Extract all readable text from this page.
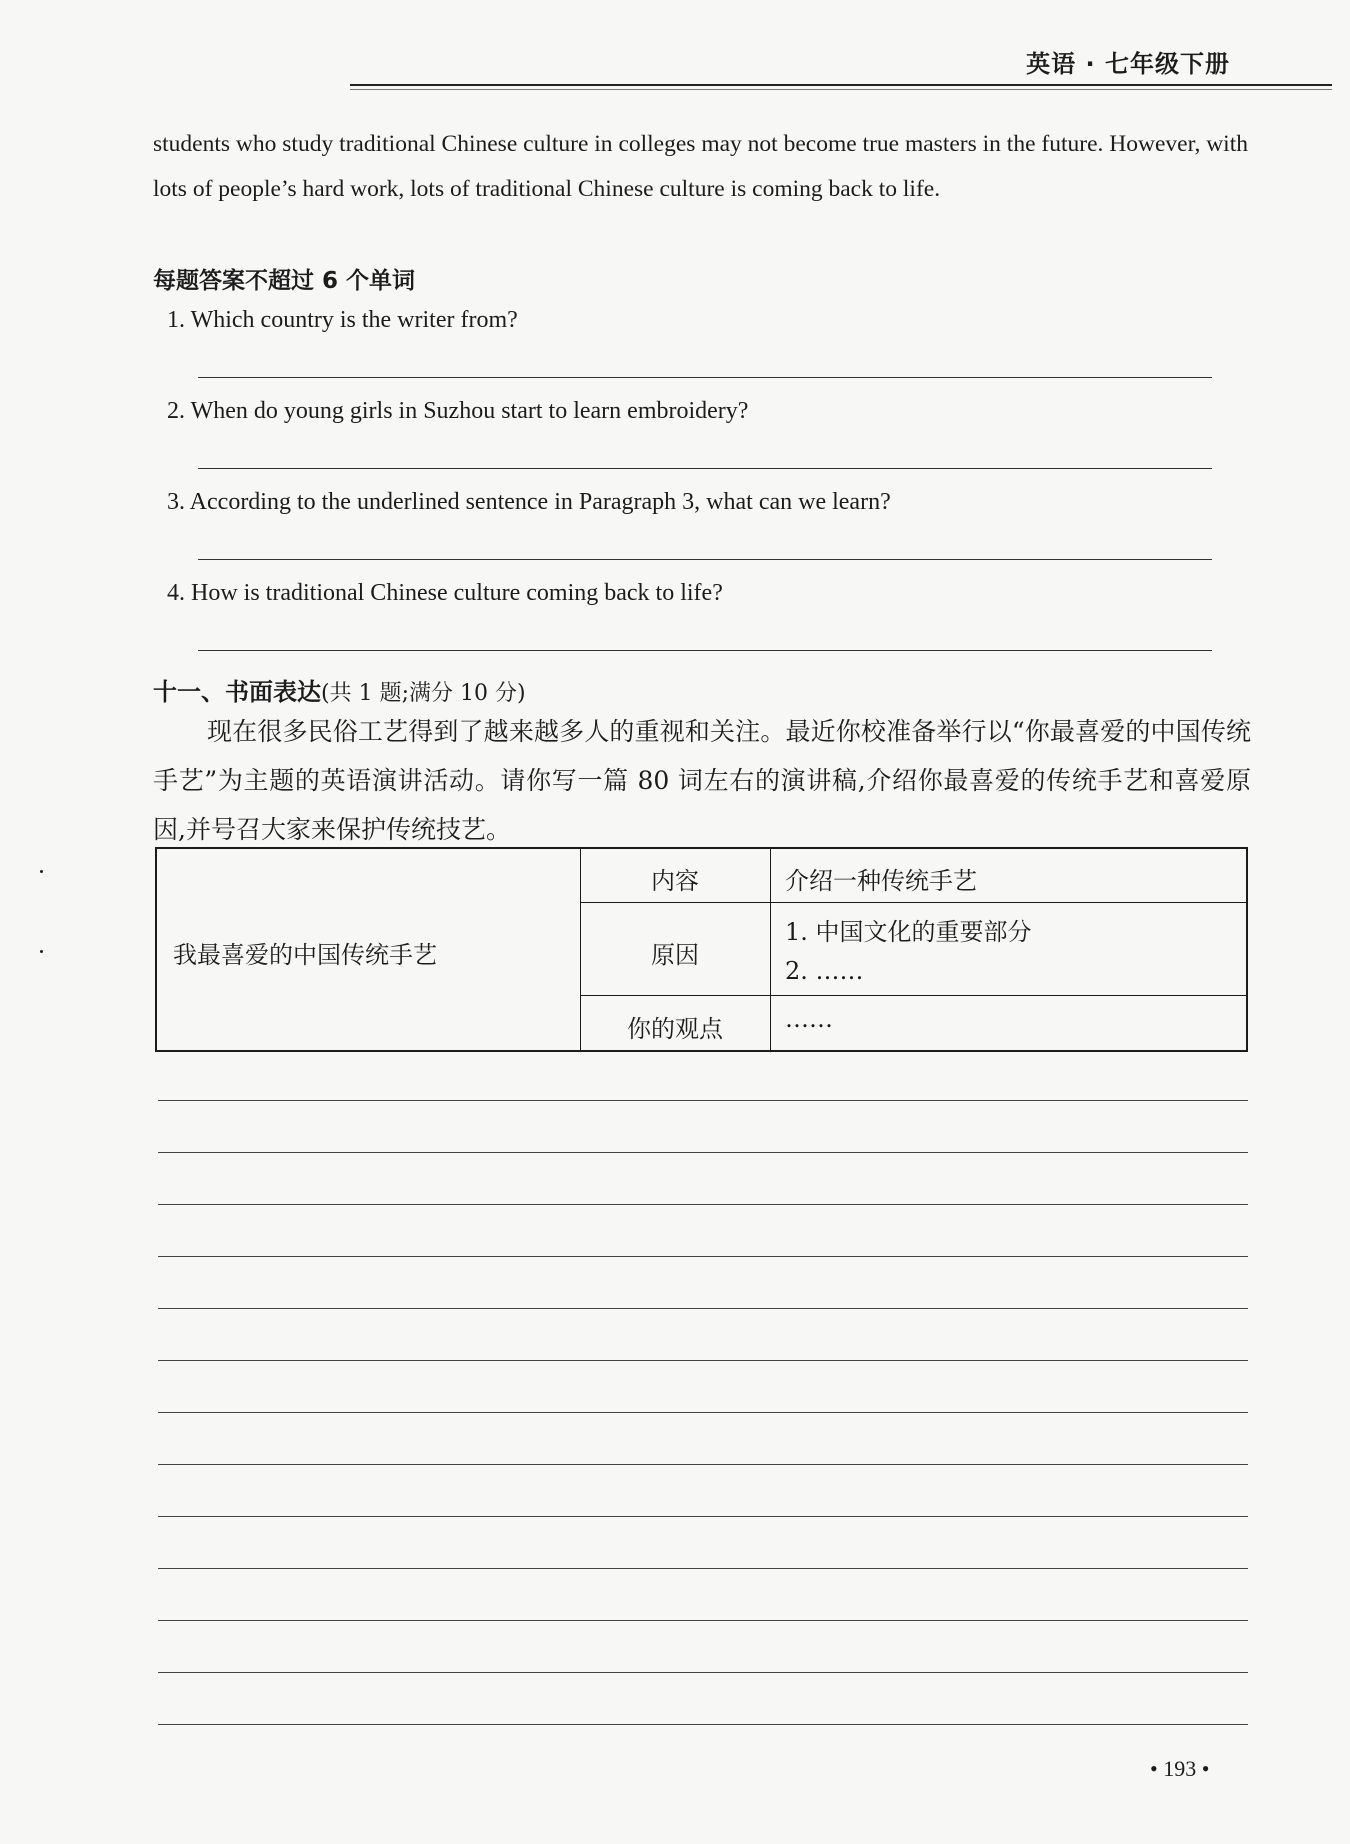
英语 · 七年级下册
students who study traditional Chinese culture in colleges may not become true masters in the future. However, with lots of people’s hard work, lots of traditional Chinese culture is coming back to life.
每题答案不超过 6 个单词
1. Which country is the writer from?
2. When do young girls in Suzhou start to learn embroidery?
3. According to the underlined sentence in Paragraph 3, what can we learn?
4. How is traditional Chinese culture coming back to life?
十一、书面表达(共 1 题;满分 10 分)
现在很多民俗工艺得到了越来越多人的重视和关注。最近你校准备举行以“你最喜爱的中国传统手艺”为主题的英语演讲活动。请你写一篇 80 词左右的演讲稿,介绍你最喜爱的传统手艺和喜爱原因,并号召大家来保护传统技艺。
我最喜爱的中国传统手艺
内容	介绍一种传统手艺
原因
1. 中国文化的重要部分
2. ……
你的观点	……
• 193 •
